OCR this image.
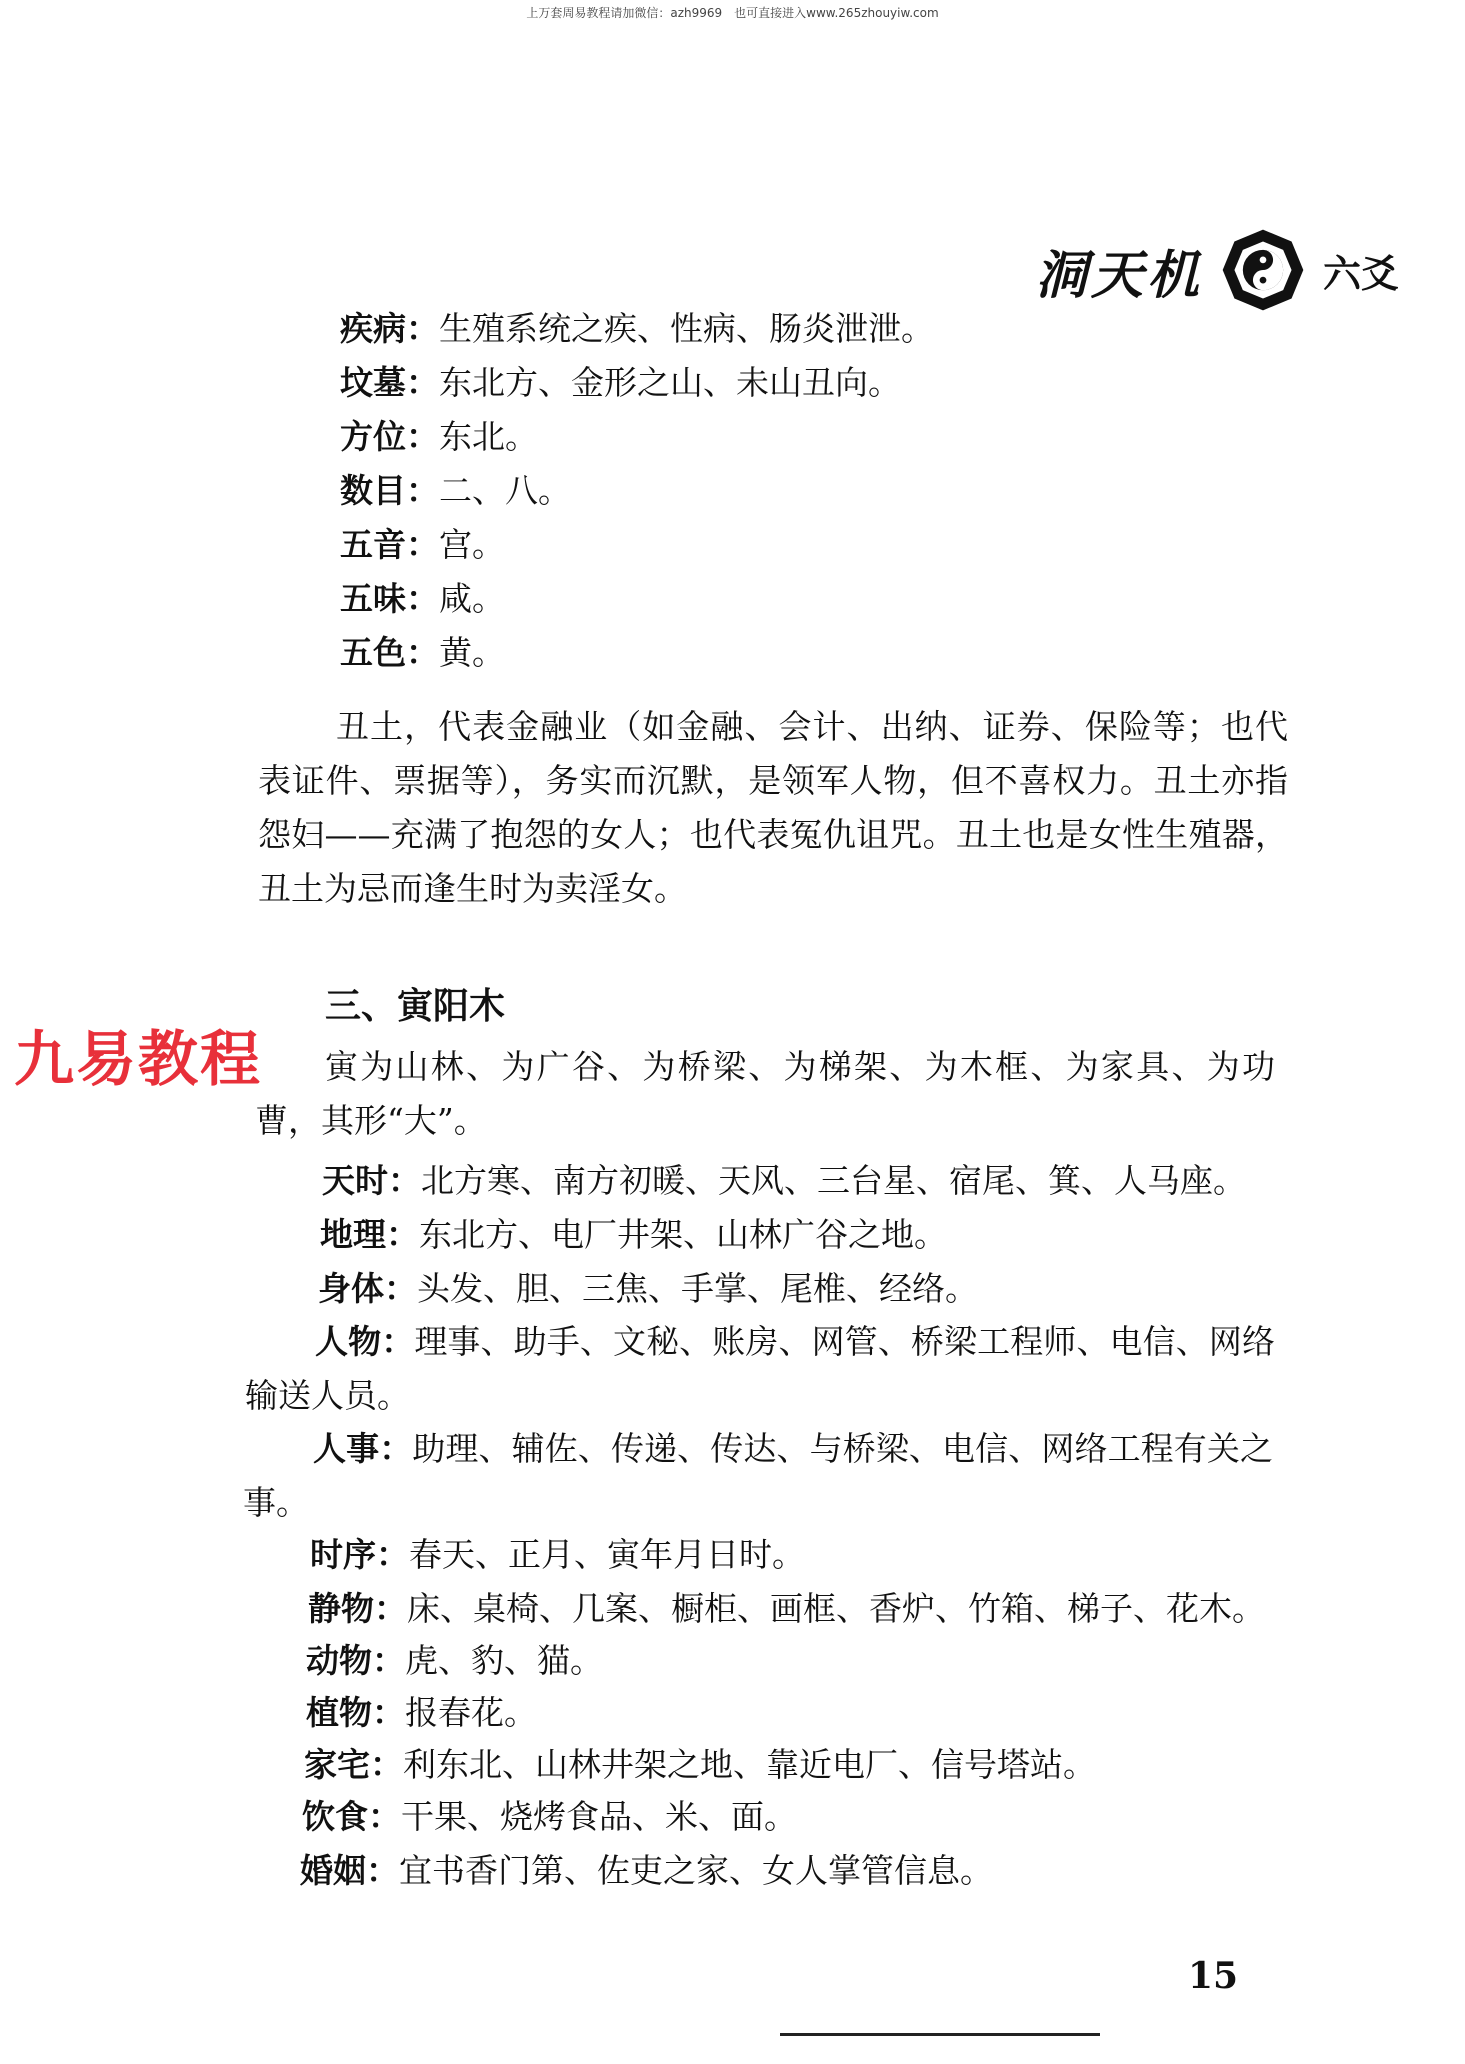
上万套周易教程请加微信：azh9969　也可直接进入www.265zhouyiw.com
洞天机	六爻
疾病：生殖系统之疾、性病、肠炎泄泄。
坟墓：东北方、金形之山、未山丑向。
方位：东北。
数目：二、八。
五音：宫。
五味：咸。
五色：黄。
丑土，代表金融业（如金融、会计、出纳、证券、保险等；也代表证件、票据等），务实而沉默，是领军人物，但不喜权力。丑土亦指怨妇——充满了抱怨的女人；也代表冤仇诅咒。丑土也是女性生殖器，丑土为忌而逢生时为卖淫女。
三、寅阳木
九易教程	寅为山林、为广谷、为桥梁、为梯架、为木框、为家具、为功曹，其形“大”。
天时：北方寒、南方初暖、天风、三台星、宿尾、箕、人马座。
地理：东北方、电厂井架、山林广谷之地。
身体：头发、胆、三焦、手掌、尾椎、经络。
人物：理事、助手、文秘、账房、网管、桥梁工程师、电信、网络输送人员。
人事：助理、辅佐、传递、传达、与桥梁、电信、网络工程有关之事。
时序：春天、正月、寅年月日时。
静物：床、桌椅、几案、橱柜、画框、香炉、竹箱、梯子、花木。
动物：虎、豹、猫。
植物：报春花。
家宅：利东北、山林井架之地、靠近电厂、信号塔站。
饮食：干果、烧烤食品、米、面。
婚姻：宜书香门第、佐吏之家、女人掌管信息。
15
